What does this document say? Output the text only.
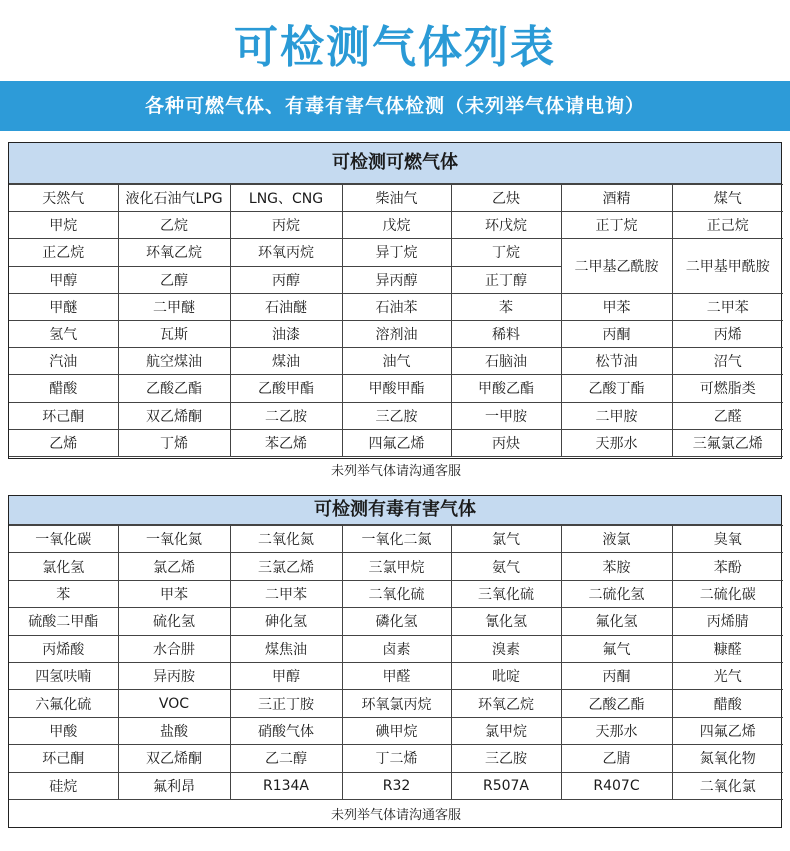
可检测气体列表
各种可燃气体、有毒有害气体检测（未列举气体请电询）
可检测可燃气体
天然气	液化石油气LPG	LNG、CNG	柴油气	乙炔	酒精	煤气
甲烷	乙烷	丙烷	戊烷	环戊烷	正丁烷	正己烷
正乙烷	环氧乙烷	环氧丙烷	异丁烷	丁烷	二甲基乙酰胺	二甲基甲酰胺
甲醇	乙醇	丙醇	异丙醇	正丁醇		
甲醚	二甲醚	石油醚	石油苯	苯	甲苯	二甲苯
氢气	瓦斯	油漆	溶剂油	稀料	丙酮	丙烯
汽油	航空煤油	煤油	油气	石脑油	松节油	沼气
醋酸	乙酸乙酯	乙酸甲酯	甲酸甲酯	甲酸乙酯	乙酸丁酯	可燃脂类
环己酮	双乙烯酮	二乙胺	三乙胺	一甲胺	二甲胺	乙醛
乙烯	丁烯	苯乙烯	四氟乙烯	丙炔	天那水	三氟氯乙烯
未列举气体请沟通客服						
可检测有毒有害气体
一氧化碳	一氧化氮	二氧化氮	一氧化二氮	氯气	液氯	臭氧
氯化氢	氯乙烯	三氯乙烯	三氯甲烷	氨气	苯胺	苯酚
苯	甲苯	二甲苯	二氧化硫	三氧化硫	二硫化氢	二硫化碳
硫酸二甲酯	硫化氢	砷化氢	磷化氢	氰化氢	氟化氢	丙烯腈
丙烯酸	水合肼	煤焦油	卤素	溴素	氟气	糠醛
四氢呋喃	异丙胺	甲醇	甲醛	吡啶	丙酮	光气
六氟化硫	VOC	三正丁胺	环氧氯丙烷	环氧乙烷	乙酸乙酯	醋酸
甲酸	盐酸	硝酸气体	碘甲烷	氯甲烷	天那水	四氟乙烯
环己酮	双乙烯酮	乙二醇	丁二烯	三乙胺	乙腈	氮氧化物
硅烷	氟利昂	R134A	R32	R507A	R407C	二氧化氯
未列举气体请沟通客服						
